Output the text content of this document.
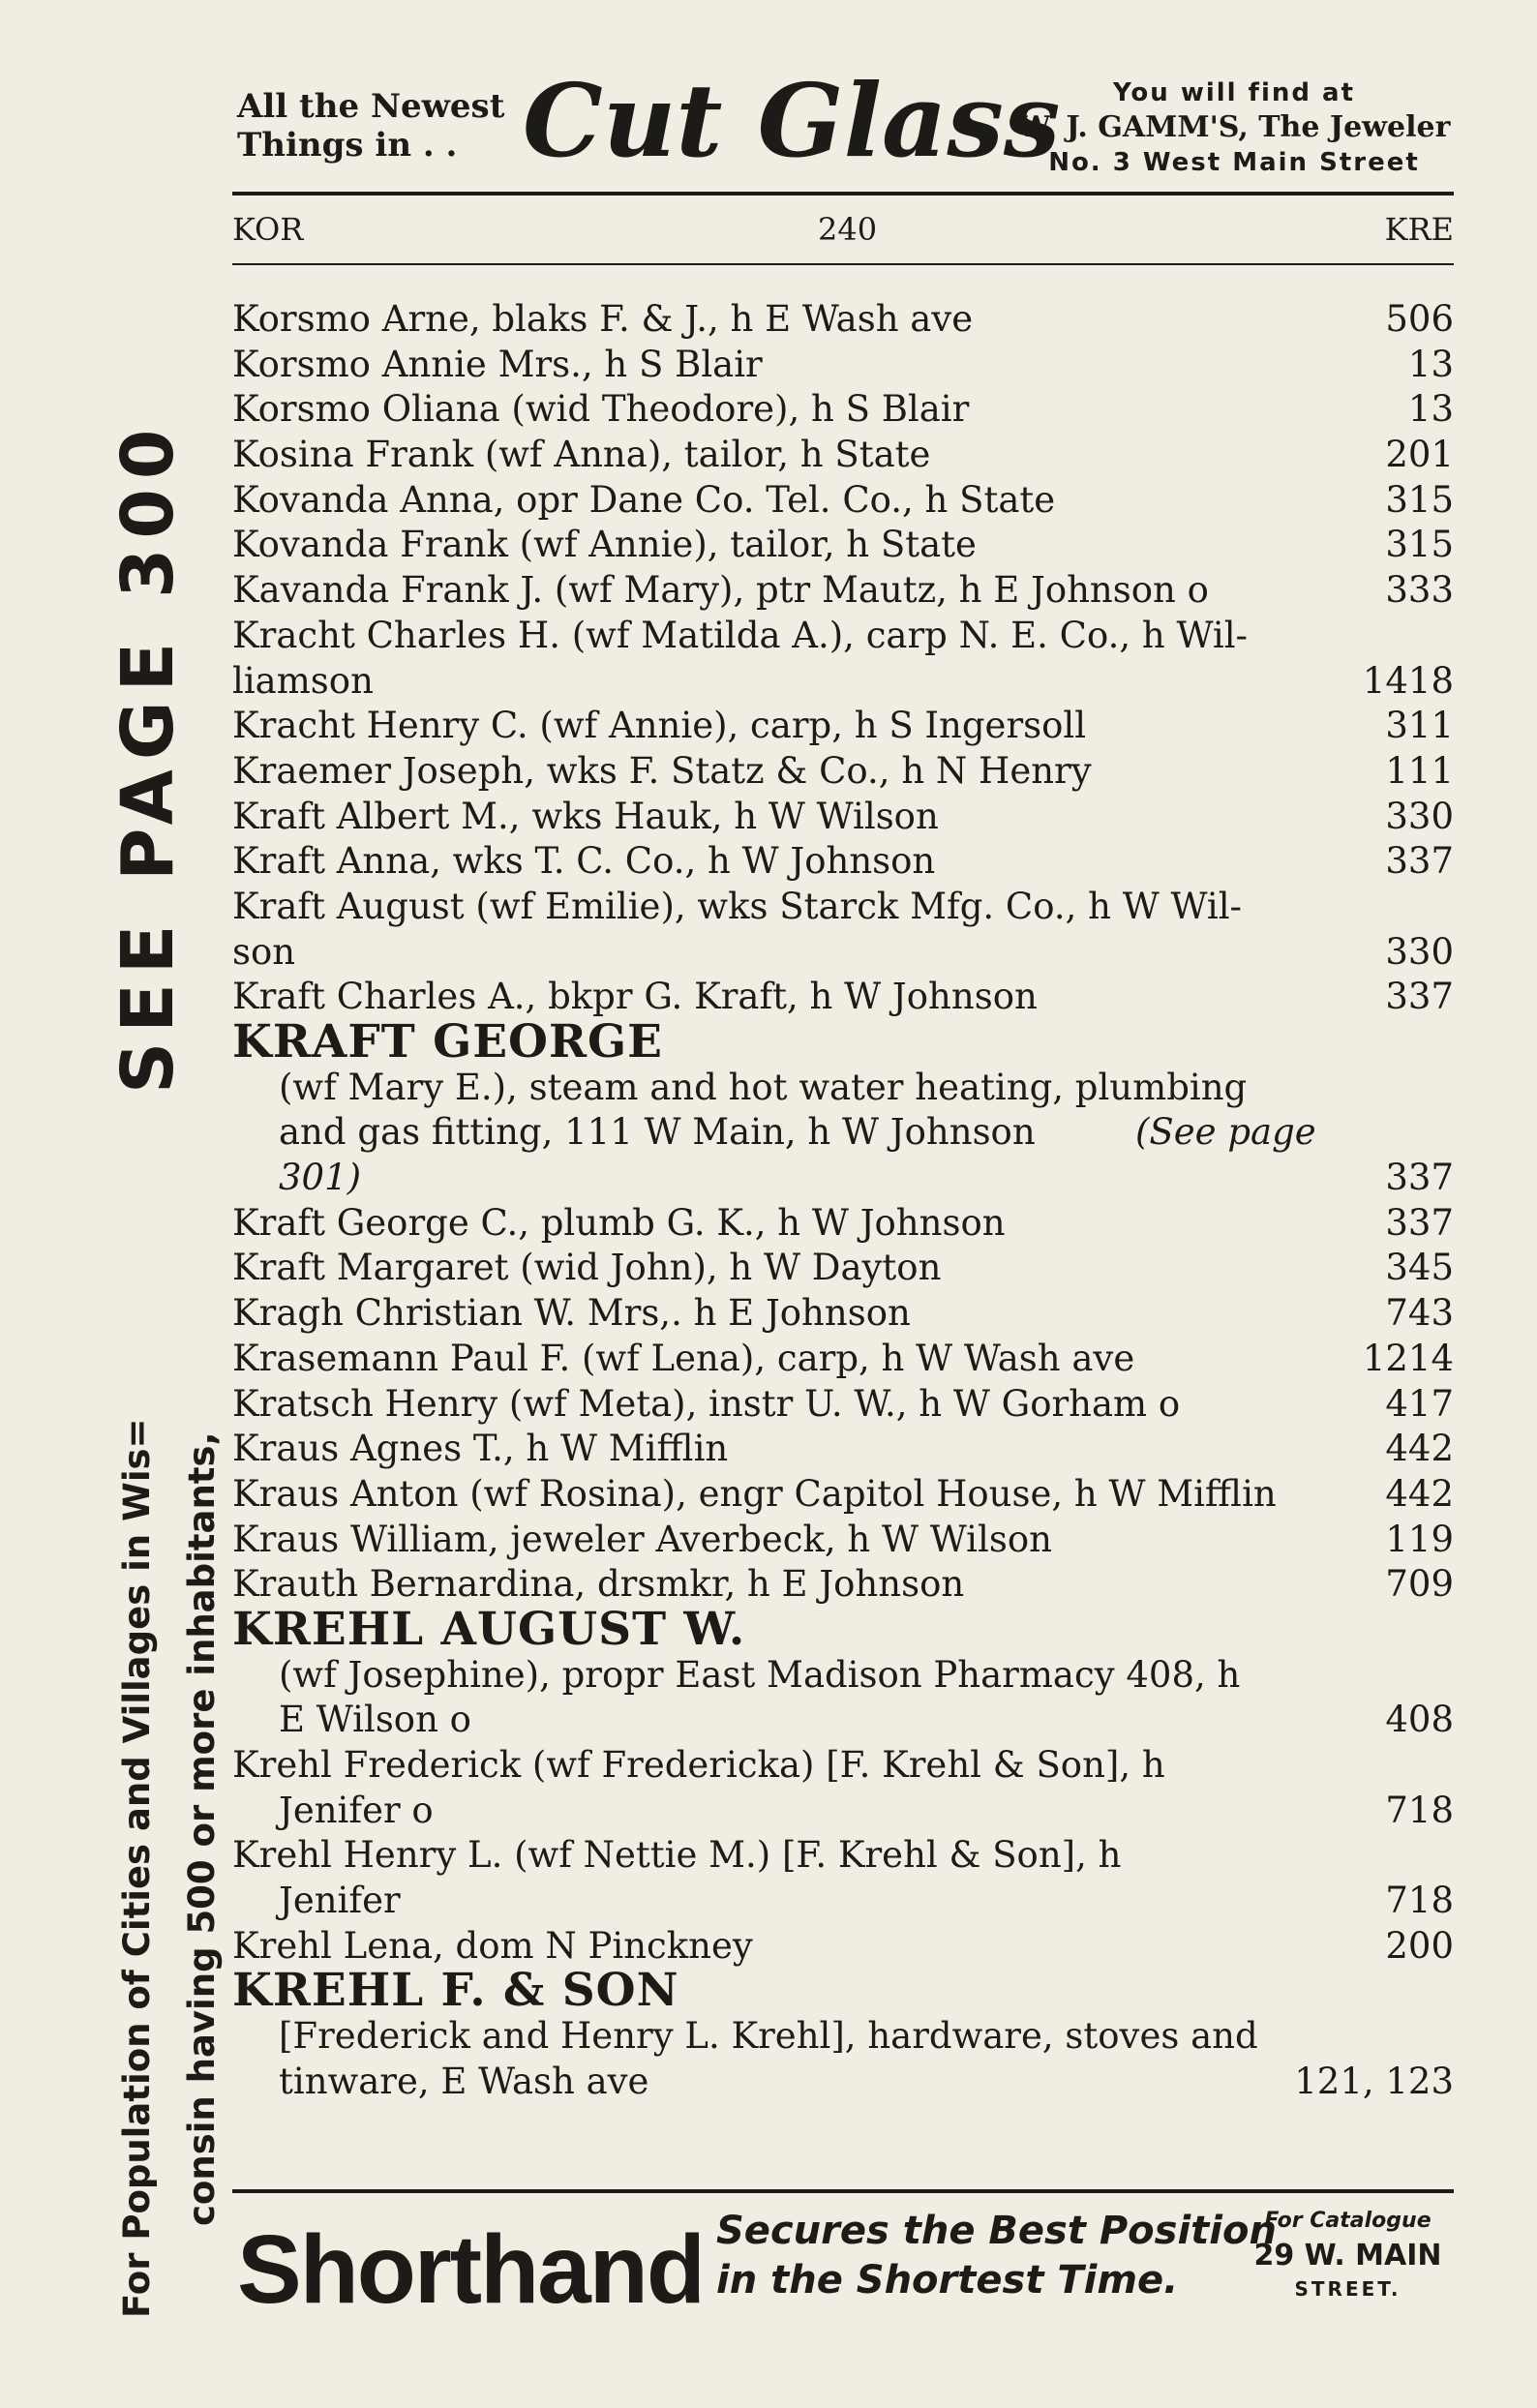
SEE PAGE 300
For Population of Cities and Villages in Wis= consin having 500 or more inhabitants,
All the Newest
Things in . . Cut Glass	You will find at
W. J. GAMM'S, The Jeweler
No. 3 West Main Street
KOR	240	KRE
Korsmo Arne, blaks F. & J., h E Wash ave	506
Korsmo Annie Mrs., h S Blair	13
Korsmo Oliana (wid Theodore), h S Blair	13
Kosina Frank (wf Anna), tailor, h State	201
Kovanda Anna, opr Dane Co. Tel. Co., h State	315
Kovanda Frank (wf Annie), tailor, h State	315
Kavanda Frank J. (wf Mary), ptr Mautz, h E Johnson o	333
Kracht Charles H. (wf Matilda A.), carp N. E. Co., h Wil-
liamson	1418
Kracht Henry C. (wf Annie), carp, h S Ingersoll	311
Kraemer Joseph, wks F. Statz & Co., h N Henry	111
Kraft Albert M., wks Hauk, h W Wilson	330
Kraft Anna, wks T. C. Co., h W Johnson	337
Kraft August (wf Emilie), wks Starck Mfg. Co., h W Wil-
son	330
Kraft Charles A., bkpr G. Kraft, h W Johnson	337
KRAFT GEORGE
(wf Mary E.), steam and hot water heating, plumbing
and gas fitting, 111 W Main, h W Johnson	(See page
301)	337
Kraft George C., plumb G. K., h W Johnson	337
Kraft Margaret (wid John), h W Dayton	345
Kragh Christian W. Mrs,. h E Johnson	743
Krasemann Paul F. (wf Lena), carp, h W Wash ave	1214
Kratsch Henry (wf Meta), instr U. W., h W Gorham o	417
Kraus Agnes T., h W Mifflin	442
Kraus Anton (wf Rosina), engr Capitol House, h W Mifflin	442
Kraus William, jeweler Averbeck, h W Wilson	119
Krauth Bernardina, drsmkr, h E Johnson	709
KREHL AUGUST W.
(wf Josephine), propr East Madison Pharmacy 408, h
E Wilson o	408
Krehl Frederick (wf Fredericka) [F. Krehl & Son], h
Jenifer o	718
Krehl Henry L. (wf Nettie M.) [F. Krehl & Son], h
Jenifer	718
Krehl Lena, dom N Pinckney	200
KREHL F. & SON
[Frederick and Henry L. Krehl], hardware, stoves and
tinware, E Wash ave	121, 123
Shorthand Secures the Best Position
in the Shortest Time.
For Catalogue
29 W. MAIN
STREET.
